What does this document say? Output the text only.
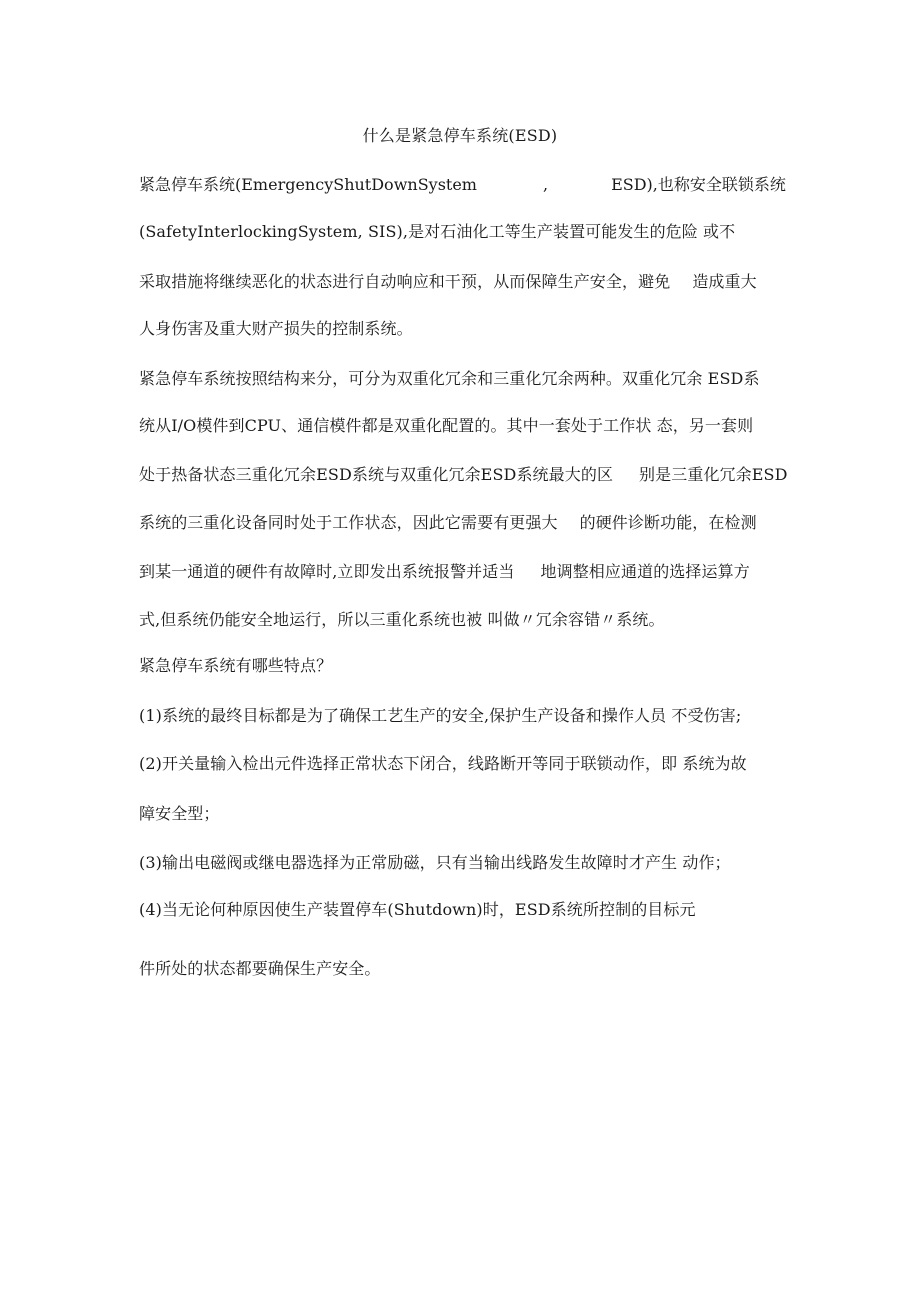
什么是紧急停车系统(ESD)
紧急停车系统(EmergencyShutDownSystem	,	ESD),也称安全联锁系统
(SafetyInterlockingSystem, SIS),是对石油化工等生产装置可能发生的危险 或不
采取措施将继续恶化的状态进行自动响应和干预，从而保障生产安全，避免 造成重大
人身伤害及重大财产损失的控制系统。
紧急停车系统按照结构来分，可分为双重化冗余和三重化冗余两种。双重化冗余 ESD系
统从I/O模件到CPU、通信模件都是双重化配置的。其中一套处于工作状 态，另一套则
处于热备状态三重化冗余ESD系统与双重化冗余ESD系统最大的区 别是三重化冗余ESD
系统的三重化设备同时处于工作状态，因此它需要有更强大 的硬件诊断功能，在检测
到某一通道的硬件有故障时,立即发出系统报警并适当 地调整相应通道的选择运算方
式,但系统仍能安全地运行，所以三重化系统也被 叫做〃冗余容错〃系统。
紧急停车系统有哪些特点？
(1)系统的最终目标都是为了确保工艺生产的安全,保护生产设备和操作人员 不受伤害;
(2)开关量输入检出元件选择正常状态下闭合，线路断开等同于联锁动作，即 系统为故
障安全型；
(3)输出电磁阀或继电器选择为正常励磁，只有当输出线路发生故障时才产生 动作；
(4)当无论何种原因使生产装置停车(Shutdown)时，ESD系统所控制的目标元
件所处的状态都要确保生产安全。
